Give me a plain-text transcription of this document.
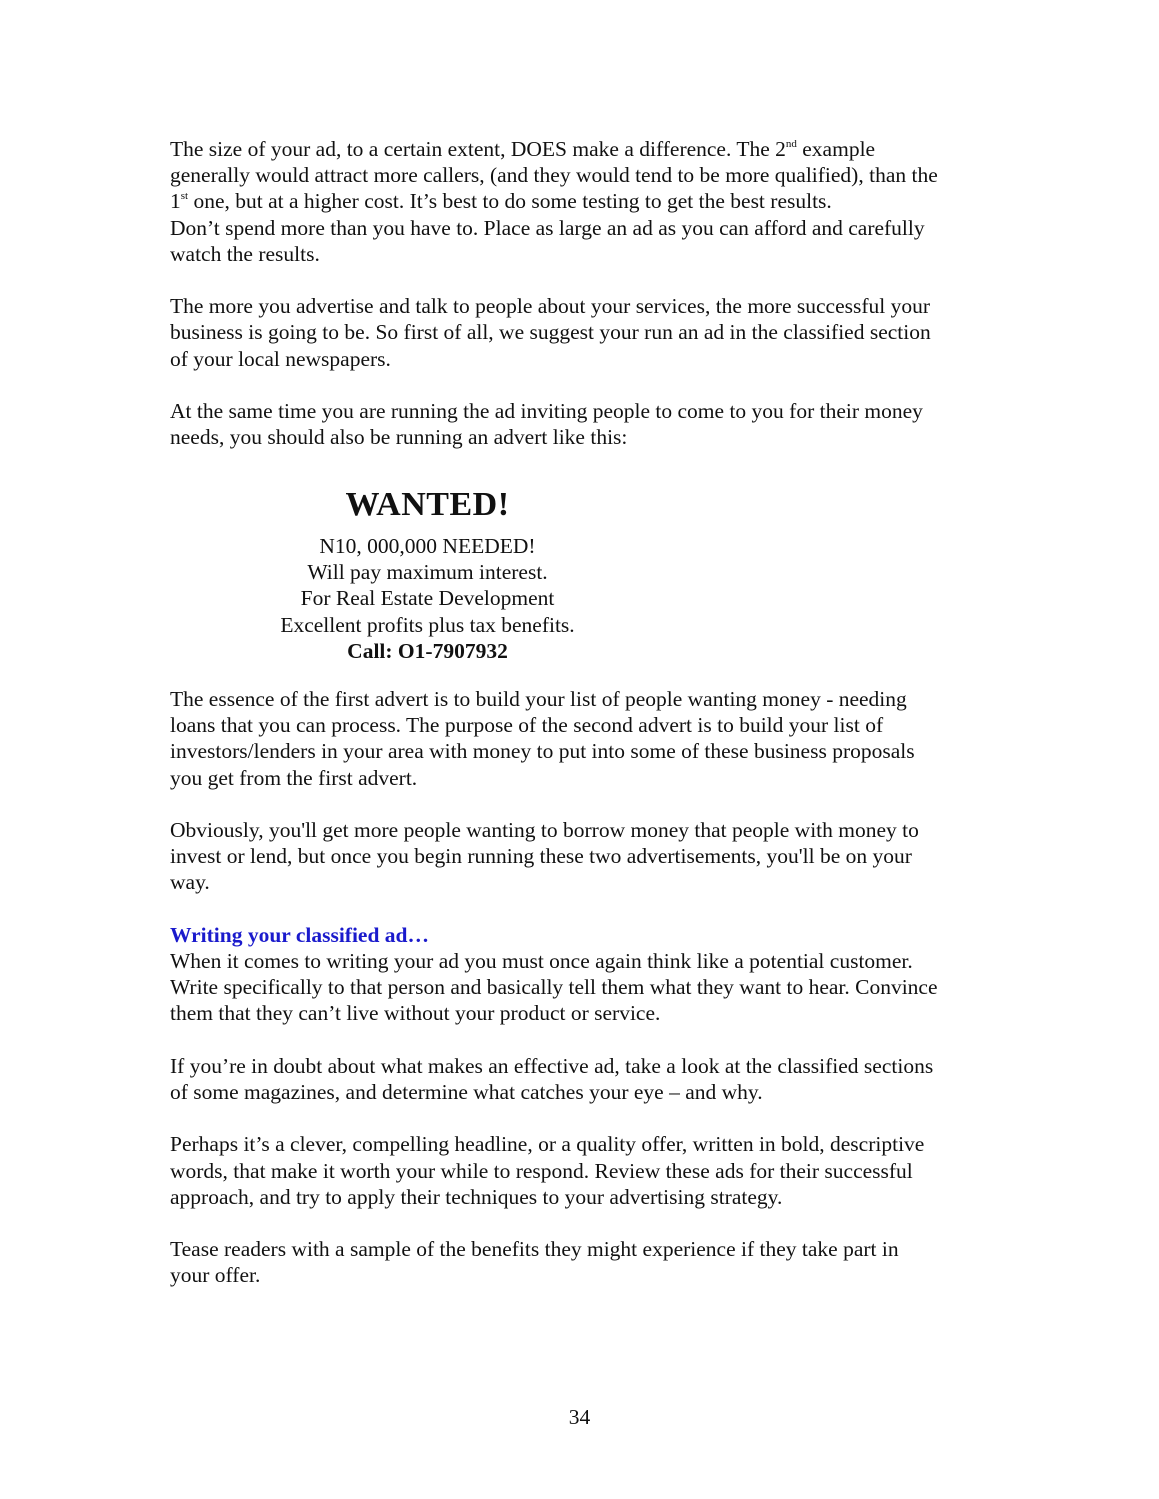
The size of your ad, to a certain extent, DOES make a difference. The 2nd example
generally would attract more callers, (and they would tend to be more qualified), than the
1st one, but at a higher cost. It’s best to do some testing to get the best results.
Don’t spend more than you have to. Place as large an ad as you can afford and carefully
watch the results.

The more you advertise and talk to people about your services, the more successful your
business is going to be. So first of all, we suggest your run an ad in the classified section
of your local newspapers.

At the same time you are running the ad inviting people to come to you for their money
needs, you should also be running an advert like this:

WANTED!
N10, 000,000 NEEDED!
Will pay maximum interest.
For Real Estate Development
Excellent profits plus tax benefits.
Call: O1-7907932

The essence of the first advert is to build your list of people wanting money - needing
loans that you can process. The purpose of the second advert is to build your list of
investors/lenders in your area with money to put into some of these business proposals
you get from the first advert.

Obviously, you'll get more people wanting to borrow money that people with money to
invest or lend, but once you begin running these two advertisements, you'll be on your
way.

Writing your classified ad…
When it comes to writing your ad you must once again think like a potential customer.
Write specifically to that person and basically tell them what they want to hear. Convince
them that they can’t live without your product or service.

If you’re in doubt about what makes an effective ad, take a look at the classified sections
of some magazines, and determine what catches your eye – and why.

Perhaps it’s a clever, compelling headline, or a quality offer, written in bold, descriptive
words, that make it worth your while to respond. Review these ads for their successful
approach, and try to apply their techniques to your advertising strategy.

Tease readers with a sample of the benefits they might experience if they take part in
your offer.

34
